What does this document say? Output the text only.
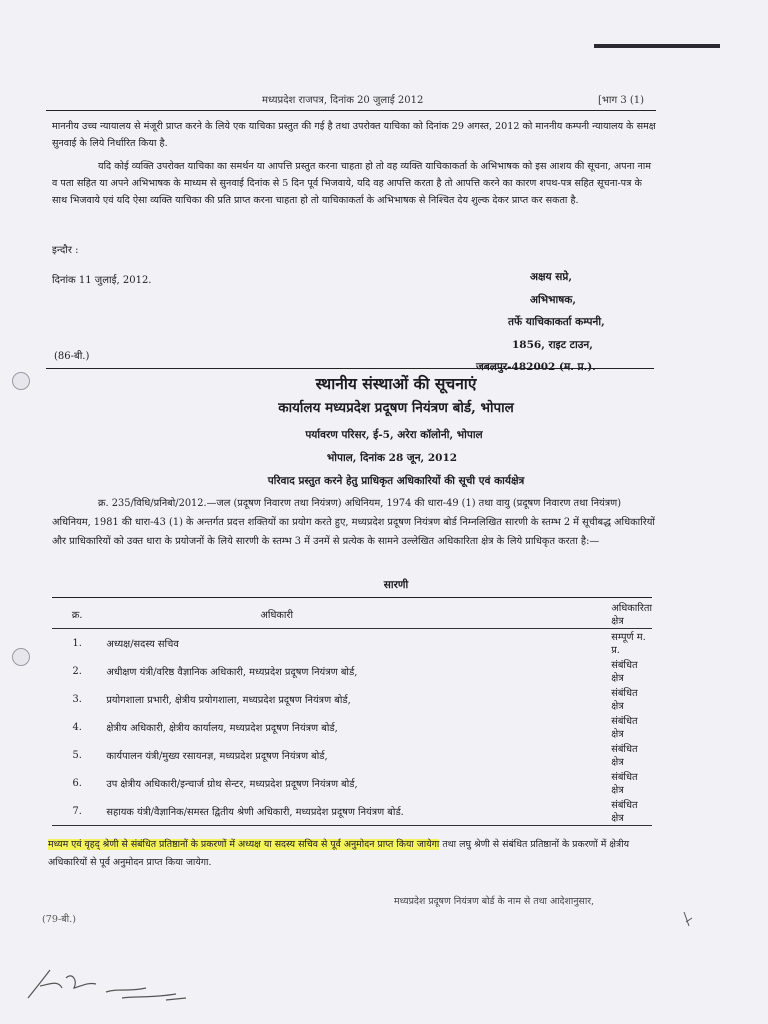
मध्यप्रदेश राजपत्र, दिनांक 20 जुलाई 2012	[भाग 3 (1)

माननीय उच्च न्यायालय से मंजूरी प्राप्त करने के लिये एक याचिका प्रस्तुत की गई है तथा उपरोक्त याचिका को दिनांक 29 अगस्त, 2012 को माननीय कम्पनी न्यायालय के समक्ष सुनवाई के लिये निर्धारित किया है.

यदि कोई व्यक्ति उपरोक्त याचिका का समर्थन या आपत्ति प्रस्तुत करना चाहता हो तो वह व्यक्ति याचिकाकर्ता के अभिभाषक को इस आशय की सूचना, अपना नाम व पता सहित या अपने अभिभाषक के माध्यम से सुनवाई दिनांक से 5 दिन पूर्व भिजवाये, यदि वह आपत्ति करता है तो आपत्ति करने का कारण शपथ-पत्र सहित सूचना-पत्र के साथ भिजवाये एवं यदि ऐसा व्यक्ति याचिका की प्रति प्राप्त करना चाहता हो तो याचिकाकर्ता के अभिभाषक से निश्चित देय शुल्क देकर प्राप्त कर सकता है.

इन्दौर :
दिनांक 11 जुलाई, 2012.	अक्षय सप्रे,
अभिभाषक,
तर्फे याचिकाकर्ता कम्पनी,
1856, राइट टाउन,
जबलपुर-482002 (म. प्र.).
(86-बी.)
स्थानीय संस्थाओं की सूचनाएं
कार्यालय मध्यप्रदेश प्रदूषण नियंत्रण बोर्ड, भोपाल
पर्यावरण परिसर, ई-5, अरेरा कॉलोनी, भोपाल
भोपाल, दिनांक 28 जून, 2012
परिवाद प्रस्तुत करने हेतु प्राधिकृत अधिकारियों की सूची एवं कार्यक्षेत्र
क्र. 235/विधि/प्रनिबो/2012.—जल (प्रदूषण निवारण तथा नियंत्रण) अधिनियम, 1974 की धारा-49 (1) तथा वायु (प्रदूषण निवारण तथा नियंत्रण) अधिनियम, 1981 की धारा-43 (1) के अन्तर्गत प्रदत्त शक्तियों का प्रयोग करते हुए, मध्यप्रदेश प्रदूषण नियंत्रण बोर्ड निम्नलिखित सारणी के स्तम्भ 2 में सूचीबद्ध अधिकारियों और प्राधिकारियों को उक्त धारा के प्रयोजनों के लिये सारणी के स्तम्भ 3 में उनमें से प्रत्येक के सामने उल्लेखित अधिकारिता क्षेत्र के लिये प्राधिकृत करता है:—
सारणी
क्र.	अधिकारी	अधिकारिता क्षेत्र
1.	अध्यक्ष/सदस्य सचिव	सम्पूर्ण म. प्र.
2.	अधीक्षण यंत्री/वरिष्ठ वैज्ञानिक अधिकारी, मध्यप्रदेश प्रदूषण नियंत्रण बोर्ड,	संबंधित क्षेत्र
3.	प्रयोगशाला प्रभारी, क्षेत्रीय प्रयोगशाला, मध्यप्रदेश प्रदूषण नियंत्रण बोर्ड,	संबंधित क्षेत्र
4.	क्षेत्रीय अधिकारी, क्षेत्रीय कार्यालय, मध्यप्रदेश प्रदूषण नियंत्रण बोर्ड,	संबंधित क्षेत्र
5.	कार्यपालन यंत्री/मुख्य रसायनज्ञ, मध्यप्रदेश प्रदूषण नियंत्रण बोर्ड,	संबंधित क्षेत्र
6.	उप क्षेत्रीय अधिकारी/इन्चार्ज ग्रोथ सेन्टर, मध्यप्रदेश प्रदूषण नियंत्रण बोर्ड,	संबंधित क्षेत्र
7.	सहायक यंत्री/वैज्ञानिक/समस्त द्वितीय श्रेणी अधिकारी, मध्यप्रदेश प्रदूषण नियंत्रण बोर्ड.	संबंधित क्षेत्र
मध्यम एवं वृहद् श्रेणी से संबंधित प्रतिष्ठानों के प्रकरणों में अध्यक्ष या सदस्य सचिव से पूर्व अनुमोदन प्राप्त किया जायेगा तथा लघु श्रेणी से संबंधित प्रतिष्ठानों के प्रकरणों में क्षेत्रीय अधिकारियों से पूर्व अनुमोदन प्राप्त किया जायेगा.
मध्यप्रदेश प्रदूषण नियंत्रण बोर्ड के नाम से तथा आदेशानुसार,
(79-बी.)
